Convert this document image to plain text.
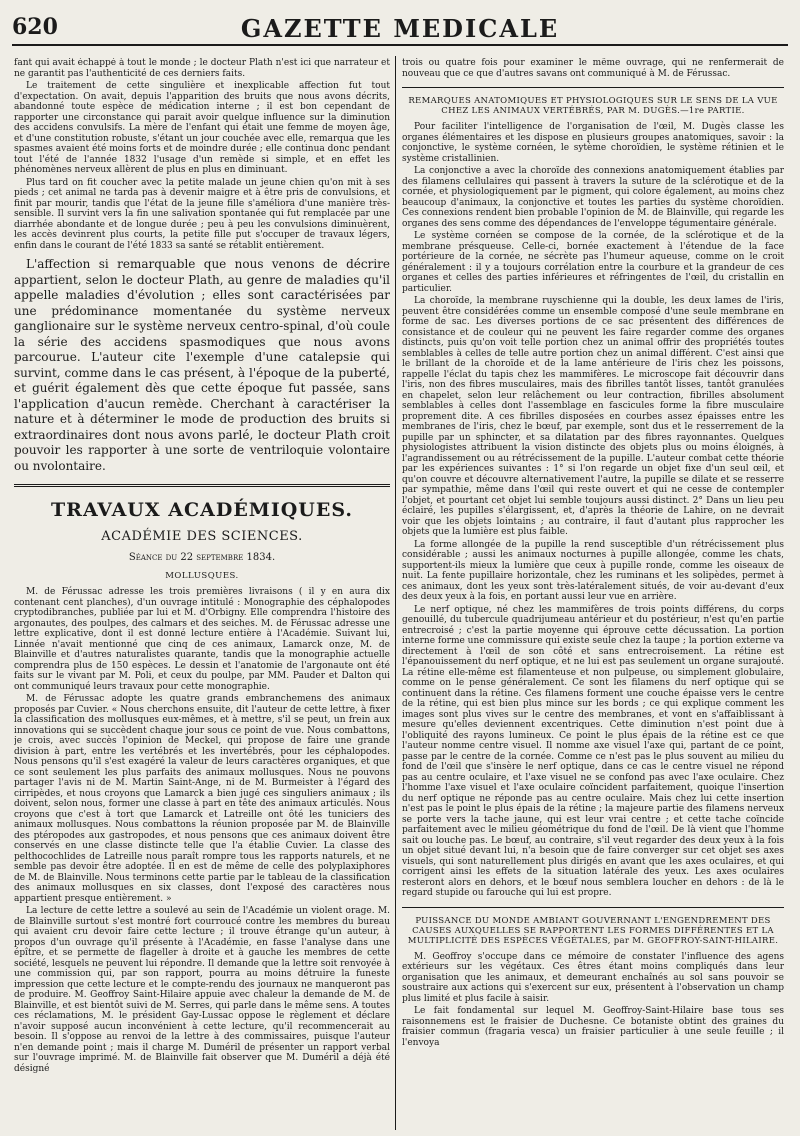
620	GAZETTE MEDICALE

fant qui avait échappé à tout le monde ; le docteur Plath n'est ici que narrateur et ne garantit pas l'authenticité de ces derniers faits.

Le traitement de cette singulière et inexplicable affection fut tout d'expectation. On avait, depuis l'apparition des bruits que nous avons décrits, abandonné toute espèce de médication interne ; il est bon cependant de rapporter une circonstance qui parait avoir quelque influence sur la diminution des accidens convulsifs. La mère de l'enfant qui était une femme de moyen âge, et d'une constitution robuste, s'étant un jour couchée avec elle, remarqua que les spasmes avaient été moins forts et de moindre durée ; elle continua donc pendant tout l'été de l'année 1832 l'usage d'un remède si simple, et en effet les phénomènes nerveux allèrent de plus en plus en diminuant.

Plus tard on fit coucher avec la petite malade un jeune chien qu'on mit à ses pieds ; cet animal ne tarda pas à devenir maigre et à être pris de convulsions, et finit par mourir, tandis que l'état de la jeune fille s'améliora d'une manière très-sensible. Il survint vers la fin une salivation spontanée qui fut remplacée par une diarrhée abondante et de longue durée ; peu à peu les convulsions diminuèrent, les accès devinrent plus courts, la petite fille put s'occuper de travaux légers, enfin dans le courant de l'été 1833 sa santé se rétablit entièrement.

L'affection si remarquable que nous venons de décrire appartient, selon le docteur Plath, au genre de maladies qu'il appelle maladies d'évolution ; elles sont caractérisées par une prédominance momentanée du système nerveux ganglionaire sur le système nerveux centro-spinal, d'où coule la série des accidens spasmodiques que nous avons parcourue. L'auteur cite l'exemple d'une catalepsie qui survint, comme dans le cas présent, à l'époque de la puberté, et guérit également dès que cette époque fut passée, sans l'application d'aucun remède. Cherchant à caractériser la nature et à déterminer le mode de production des bruits si extraordinaires dont nous avons parlé, le docteur Plath croit pouvoir les rapporter à une sorte de ventriloquie volontaire ou nvolontaire.

TRAVAUX ACADÉMIQUES.
ACADÉMIE DES SCIENCES.
Séance du 22 septembre 1834.
MOLLUSQUES.

M. de Férussac adresse les trois premières livraisons ( il y en aura dix contenant cent planches), d'un ouvrage intitulé : Monographie des céphalopodes cryptodibranches, publiée par lui et M. d'Orbigny. Elle comprendra l'histoire des argonautes, des poulpes, des calmars et des seiches. M. de Férussac adresse une lettre explicative, dont il est donné lecture entière à l'Académie. Suivant lui, Linnée n'avait mentionné que cinq de ces animaux, Lamarck onze, M. de Blainville et d'autres naturalistes quarante, tandis que la monographie actuelle comprendra plus de 150 espèces. Le dessin et l'anatomie de l'argonaute ont été faits sur le vivant par M. Poli, et ceux du poulpe, par MM. Pauder et Dalton qui ont communiqué leurs travaux pour cette monographie.

M. de Férussac adopte les quatre grands embranchemens des animaux proposés par Cuvier. « Nous cherchons ensuite, dit l'auteur de cette lettre, à fixer la classification des mollusques eux-mêmes, et à mettre, s'il se peut, un frein aux innovations qui se succèdent chaque jour sous ce point de vue. Nous combattons, je crois, avec succès l'opinion de Meckel, qui propose de faire une grande division à part, entre les vertébrés et les invertébrés, pour les céphalopodes. Nous pensons qu'il s'est exagéré la valeur de leurs caractères organiques, et que ce sont seulement les plus parfaits des animaux mollusques. Nous ne pouvons partager l'avis ni de M. Martin Saint-Ange, ni de M. Burmeister à l'égard des cirripèdes, et nous croyons que Lamarck a bien jugé ces singuliers animaux ; ils doivent, selon nous, former une classe à part en tête des animaux articulés. Nous croyons que c'est à tort que Lamarck et Latreille ont ôté les tuniciers des animaux mollusques. Nous combattons la réunion proposée par M. de Blainville des ptéropodes aux gastropodes, et nous pensons que ces animaux doivent être conservés en une classe distincte telle que l'a établie Cuvier. La classe des pelthocochlides de Latreille nous paraît rompre tous les rapports naturels, et ne semble pas devoir être adoptée. Il en est de même de celle des polyplaxiphores de M. de Blainville. Nous terminons cette partie par le tableau de la classification des animaux mollusques en six classes, dont l'exposé des caractères nous appartient presque entièrement. »

La lecture de cette lettre a soulevé au sein de l'Académie un violent orage. M. de Blainville surtout s'est montré fort courroucé contre les membres du bureau qui avaient cru devoir faire cette lecture ; il trouve étrange qu'un auteur, à propos d'un ouvrage qu'il présente à l'Académie, en fasse l'analyse dans une épître, et se permette de flageller à droite et à gauche les membres de cette société, lesquels ne peuvent lui répondre. Il demande que la lettre soit renvoyée à une commission qui, par son rapport, pourra au moins détruire la funeste impression que cette lecture et le compte-rendu des journaux ne manqueront pas de produire. M. Geoffroy Saint-Hilaire appuie avec chaleur la demande de M. de Blainville, et est bientôt suivi de M. Serres, qui parle dans le même sens. A toutes ces réclamations, M. le président Gay-Lussac oppose le règlement et déclare n'avoir supposé aucun inconvénient à cette lecture, qu'il recommencerait au besoin. Il s'oppose au renvoi de la lettre à des commissaires, puisque l'auteur n'en demande point ; mais il charge M. Duméril de présenter un rapport verbal sur l'ouvrage imprimé. M. de Blainville fait observer que M. Duméril a déjà été désigné

trois ou quatre fois pour examiner le même ouvrage, qui ne renfermerait de nouveau que ce que d'autres savans ont communiqué à M. de Férussac.

REMARQUES ANATOMIQUES ET PHYSIOLOGIQUES SUR LE SENS DE LA VUE CHEZ LES ANIMAUX VERTÉBRÉS, PAR M. DUGÈS.—1re PARTIE.

Pour faciliter l'intelligence de l'organisation de l'œil, M. Dugès classe les organes élémentaires et les dispose en plusieurs groupes anatomiques, savoir : la conjonctive, le système cornéen, le sytème choroïdien, le système rétinien et le système cristallinien.

La conjonctive a avec la choroïde des connexions anatomiquement établies par des filamens cellulaires qui passent à travers la suture de la sclérotique et de la cornée, et physiologiquement par le pigment, qui colore également, au moins chez beaucoup d'animaux, la conjonctive et toutes les parties du système choroïdien. Ces connexions rendent bien probable l'opinion de M. de Blainville, qui regarde les organes des sens comme des dépendances de l'enveloppe tégumentaire générale.

Le système cornéen se compose de la cornée, de la sclérotique et de la membrane présqueuse. Celle-ci, bornée exactement à l'étendue de la face portérieure de la cornée, ne sécrète pas l'humeur aqueuse, comme on le croit généralement : il y a toujours corrélation entre la courbure et la grandeur de ces organes et celles des parties inférieures et réfringentes de l'œil, du cristallin en particulier.

La choroïde, la membrane ruyschienne qui la double, les deux lames de l'iris, peuvent être considérées comme un ensemble composé d'une seule membrane en forme de sac. Les diverses portions de ce sac présentent des différences de consistance et de couleur qui ne peuvent les faire regarder comme des organes distincts, puis qu'on voit telle portion chez un animal offrir des propriétés toutes semblables à celles de telle autre portion chez un animal différent. C'est ainsi que le brillant de la choroïde et de la lame antérieure de l'iris chez les poissons, rappelle l'éclat du tapis chez les mammifères. Le microscope fait découvrir dans l'iris, non des fibres musculaires, mais des fibrilles tantôt lisses, tantôt granulées en chapelet, selon leur relâchement ou leur contraction, fibrilles absolument semblables à celles dont l'assemblage en fascicules forme la fibre musculaire proprement dite. A ces fibrilles disposées en courbes assez épaisses entre les membranes de l'iris, chez le bœuf, par exemple, sont dus et le resserrement de la pupille par un sphincter, et sa dilatation par des fibres rayonnantes. Quelques physiologistes attribuent la vision distincte des objets plus ou moins éloignés, à l'agrandissement ou au rétrécissement de la pupille. L'auteur combat cette théorie par les expériences suivantes : 1° si l'on regarde un objet fixe d'un seul œil, et qu'on couvre et découvre alternativement l'autre, la pupille se dilate et se resserre par sympathie, même dans l'œil qui reste ouvert et qui ne cesse de contempler l'objet, et pourtant cet objet lui semble toujours aussi distinct. 2° Dans un lieu peu éclairé, les pupilles s'élargissent, et, d'après la théorie de Lahire, on ne devrait voir que les objets lointains ; au contraire, il faut d'autant plus rapprocher les objets que la lumière est plus faible.

La forme allongée de la pupille la rend susceptible d'un rétrécissement plus considérable ; aussi les animaux nocturnes à pupille allongée, comme les chats, supportent-ils mieux la lumière que ceux à pupille ronde, comme les oiseaux de nuit. La fente pupillaire horizontale, chez les ruminans et les solipèdes, permet à ces animaux, dont les yeux sont très-latéralement situés, de voir au-devant d'eux des deux yeux à la fois, en portant aussi leur vue en arrière.

Le nerf optique, né chez les mammifères de trois points différens, du corps genouillé, du tubercule quadrijumeau antérieur et du postérieur, n'est qu'en partie entrecroisé ; c'est la partie moyenne qui éprouve cette décussation. La portion interne forme une commissure qui existe seule chez la taupe ; la portion externe va directement à l'œil de son côté et sans entrecroisement. La rétine est l'épanouissement du nerf optique, et ne lui est pas seulement un organe surajouté. La rétine elle-même est filamenteuse et non pulpeuse, ou simplement globulaire, comme on le pense généralement. Ce sont les filamens du nerf optique qui se continuent dans la rétine. Ces filamens forment une couche épaisse vers le centre de la rétine, qui est bien plus mince sur les bords ; ce qui explique comment les images sont plus vives sur le centre des membranes, et vont en s'affaiblissant à mesure qu'elles deviennent excentriques. Cette diminution n'est point due à l'obliquité des rayons lumineux. Ce point le plus épais de la rétine est ce que l'auteur nomme centre visuel. Il nomme axe visuel l'axe qui, partant de ce point, passe par le centre de la cornée. Comme ce n'est pas le plus souvent au milieu du fond de l'œil que s'insère le nerf optique, dans ce cas le centre visuel ne répond pas au centre oculaire, et l'axe visuel ne se confond pas avec l'axe oculaire. Chez l'homme l'axe visuel et l'axe oculaire coïncident parfaitement, quoique l'insertion du nerf optique ne réponde pas au centre oculaire. Mais chez lui cette insertion n'est pas le point le plus épais de la rétine ; la majeure partie des filamens nerveux se porte vers la tache jaune, qui est leur vrai centre ; et cette tache coïncide parfaitement avec le milieu géométrique du fond de l'œil. De là vient que l'homme sait ou louche pas. Le bœuf, au contraire, s'il veut regarder des deux yeux à la fois un objet situé devant lui, n'a besoin que de faire converger sur cet objet ses axes visuels, qui sont naturellement plus dirigés en avant que les axes oculaires, et qui corrigent ainsi les effets de la situation latérale des yeux. Les axes oculaires resteront alors en dehors, et le bœuf nous semblera loucher en dehors : de là le regard stupide ou farouche qui lui est propre.

PUISSANCE DU MONDE AMBIANT GOUVERNANT L'ENGENDREMENT DES CAUSES AUXQUELLES SE RAPPORTENT LES FORMES DIFFÉRENTES ET LA MULTIPLICITÉ DES ESPÈCES VÉGÉTALES, par M. GEOFFROY-SAINT-HILAIRE.

M. Geoffroy s'occupe dans ce mémoire de constater l'influence des agens extérieurs sur les végétaux. Ces êtres étant moins compliqués dans leur organisation que les animaux, et demeurant enchaînés au sol sans pouvoir se soustraire aux actions qui s'exercent sur eux, présentent à l'observation un champ plus limité et plus facile à saisir.

Le fait fondamental sur lequel M. Geoffroy-Saint-Hilaire base tous ses raisonnemens est le fraisier de Duchesne. Ce botaniste obtint des graines du fraisier commun (fragaria vesca) un fraisier particulier à une seule feuille ; il l'envoya
